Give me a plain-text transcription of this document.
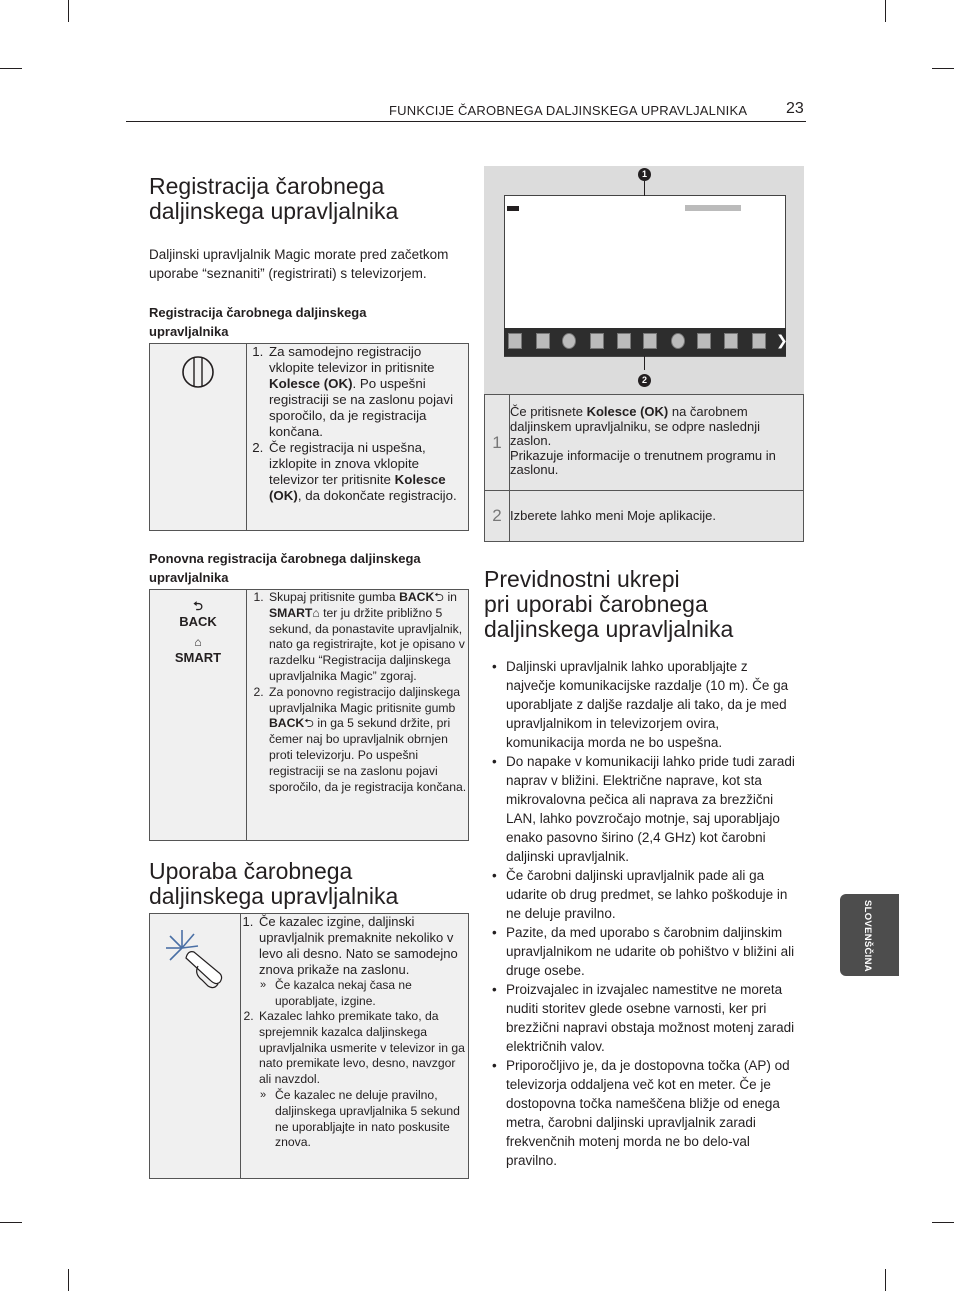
FUNKCIJE ČAROBNEGA DALJINSKEGA UPRAVLJALNIKA 23
SLOVENŠČINA
Registracija čarobnega
daljinskega upravljalnika
Daljinski upravljalnik Magic morate pred začetkom
uporabe “seznaniti” (registrirati) s televizorjem.
Registracija čarobnega daljinskega
upravljalnika

1. Za samodejno registracijo vklopite televizor in pritisnite Kolesce (OK). Po uspešni registraciji se na zaslonu pojavi sporočilo, da je registracija končana.
2. Če registracija ni uspešna, izklopite in znova vklopite televizor ter pritisnite Kolesce (OK), da dokončate registracijo.
Ponovna registracija čarobnega daljinskega
upravljalnika
⮌
BACK
⌂
SMART

1. Skupaj pritisnite gumba BACK⮌ in SMART⌂ ter ju držite približno 5 sekund, da ponastavite upravljalnik, nato ga registrirajte, kot je opisano v razdelku “Registracija daljinskega upravljalnika Magic” zgoraj.
2. Za ponovno registracijo daljinskega upravljalnika Magic pritisnite gumb BACK⮌ in ga 5 sekund držite, pri čemer naj bo upravljalnik obrnjen proti televizorju. Po uspešni registraciji se na zaslonu pojavi sporočilo, da je registracija končana.
Uporaba čarobnega
daljinskega upravljalnika

1. Če kazalec izgine, daljinski upravljalnik premaknite nekoliko v levo ali desno. Nato se samodejno znova prikaže na zaslonu.
» Če kazalca nekaj časa ne uporabljate, izgine.
2. Kazalec lahko premikate tako, da sprejemnik kazalca daljinskega upravljalnika usmerite v televizor in ga nato premikate levo, desno, navzgor ali navzdol.
» Če kazalec ne deluje pravilno, daljinskega upravljalnika 5 sekund ne uporabljajte in nato poskusite znova.
❯
1
2
1	Če pritisnete Kolesce (OK) na čarobnem daljinskem upravljalniku, se odpre naslednji zaslon.
Prikazuje informacije o trenutnem programu in zaslonu.
2	Izberete lahko meni Moje aplikacije.
Previdnostni ukrepi
pri uporabi čarobnega
daljinskega upravljalnika
• Daljinski upravljalnik lahko uporabljajte z največje komunikacijske razdalje (10 m). Če ga uporabljate z daljše razdalje ali tako, da je med upravljalnikom in televizorjem ovira, komunikacija morda ne bo uspešna.
• Do napake v komunikaciji lahko pride tudi zaradi naprav v bližini. Električne naprave, kot sta mikrovalovna pečica ali naprava za brezžični LAN, lahko povzročajo motnje, saj uporabljajo enako pasovno širino (2,4 GHz) kot čarobni daljinski upravljalnik.
• Če čarobni daljinski upravljalnik pade ali ga udarite ob drug predmet, se lahko poškoduje in ne deluje pravilno.
• Pazite, da med uporabo s čarobnim daljinskim upravljalnikom ne udarite ob pohištvo v bližini ali druge osebe.
• Proizvajalec in izvajalec namestitve ne moreta nuditi storitev glede osebne varnosti, ker pri brezžični napravi obstaja možnost motenj zaradi električnih valov.
• Priporočljivo je, da je dostopovna točka (AP) od televizorja oddaljena več kot en meter. Če je dostopovna točka nameščena bližje od enega metra, čarobni daljinski upravljalnik zaradi frekvenčnih motenj morda ne bo delo-val pravilno.
